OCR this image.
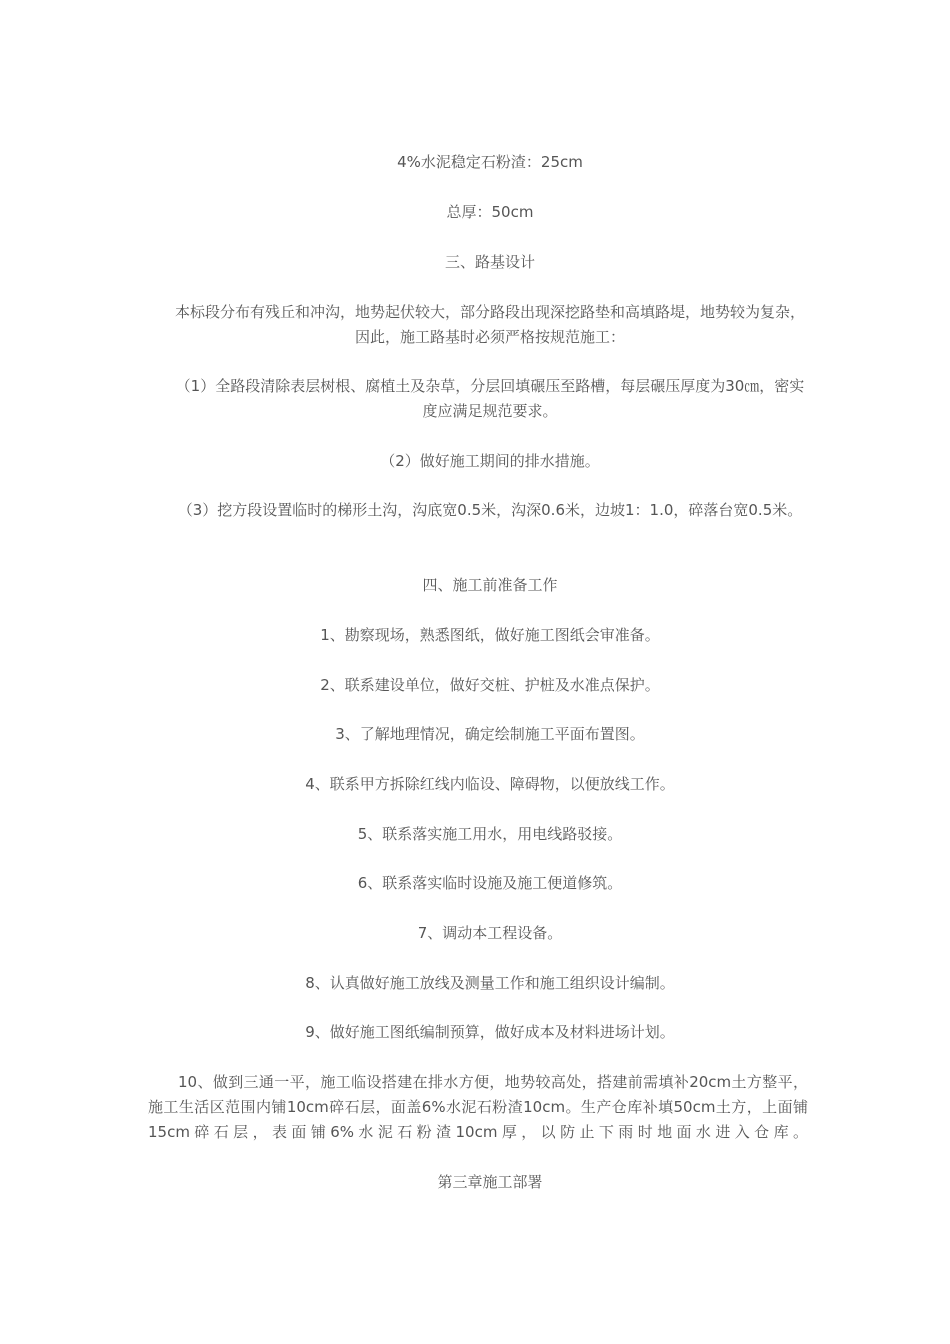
4%水泥稳定石粉渣：25cm

总厚：50cm

三、路基设计

本标段分布有残丘和冲沟，地势起伏较大，部分路段出现深挖路垫和高填路堤，地势较为复杂，因此，施工路基时必须严格按规范施工：

（1）全路段清除表层树根、腐植土及杂草，分层回填碾压至路槽，每层碾压厚度为30㎝，密实度应满足规范要求。

（2）做好施工期间的排水措施。

（3）挖方段设置临时的梯形土沟，沟底宽0.5米，沟深0.6米，边坡1：1.0，碎落台宽0.5米。

四、施工前准备工作

1、勘察现场，熟悉图纸，做好施工图纸会审准备。

2、联系建设单位，做好交桩、护桩及水准点保护。

3、了解地理情况，确定绘制施工平面布置图。

4、联系甲方拆除红线内临设、障碍物，以便放线工作。

5、联系落实施工用水，用电线路驳接。

6、联系落实临时设施及施工便道修筑。

7、调动本工程设备。

8、认真做好施工放线及测量工作和施工组织设计编制。

9、做好施工图纸编制预算，做好成本及材料进场计划。

10、做到三通一平，施工临设搭建在排水方便，地势较高处，搭建前需填补20cm土方整平，施工生活区范围内铺10cm碎石层，面盖6%水泥石粉渣10cm。生产仓库补填50cm土方，上面铺15cm碎石层，表面铺6%水泥石粉渣10cm厚，以防止下雨时地面水进入仓库。

第三章施工部署
